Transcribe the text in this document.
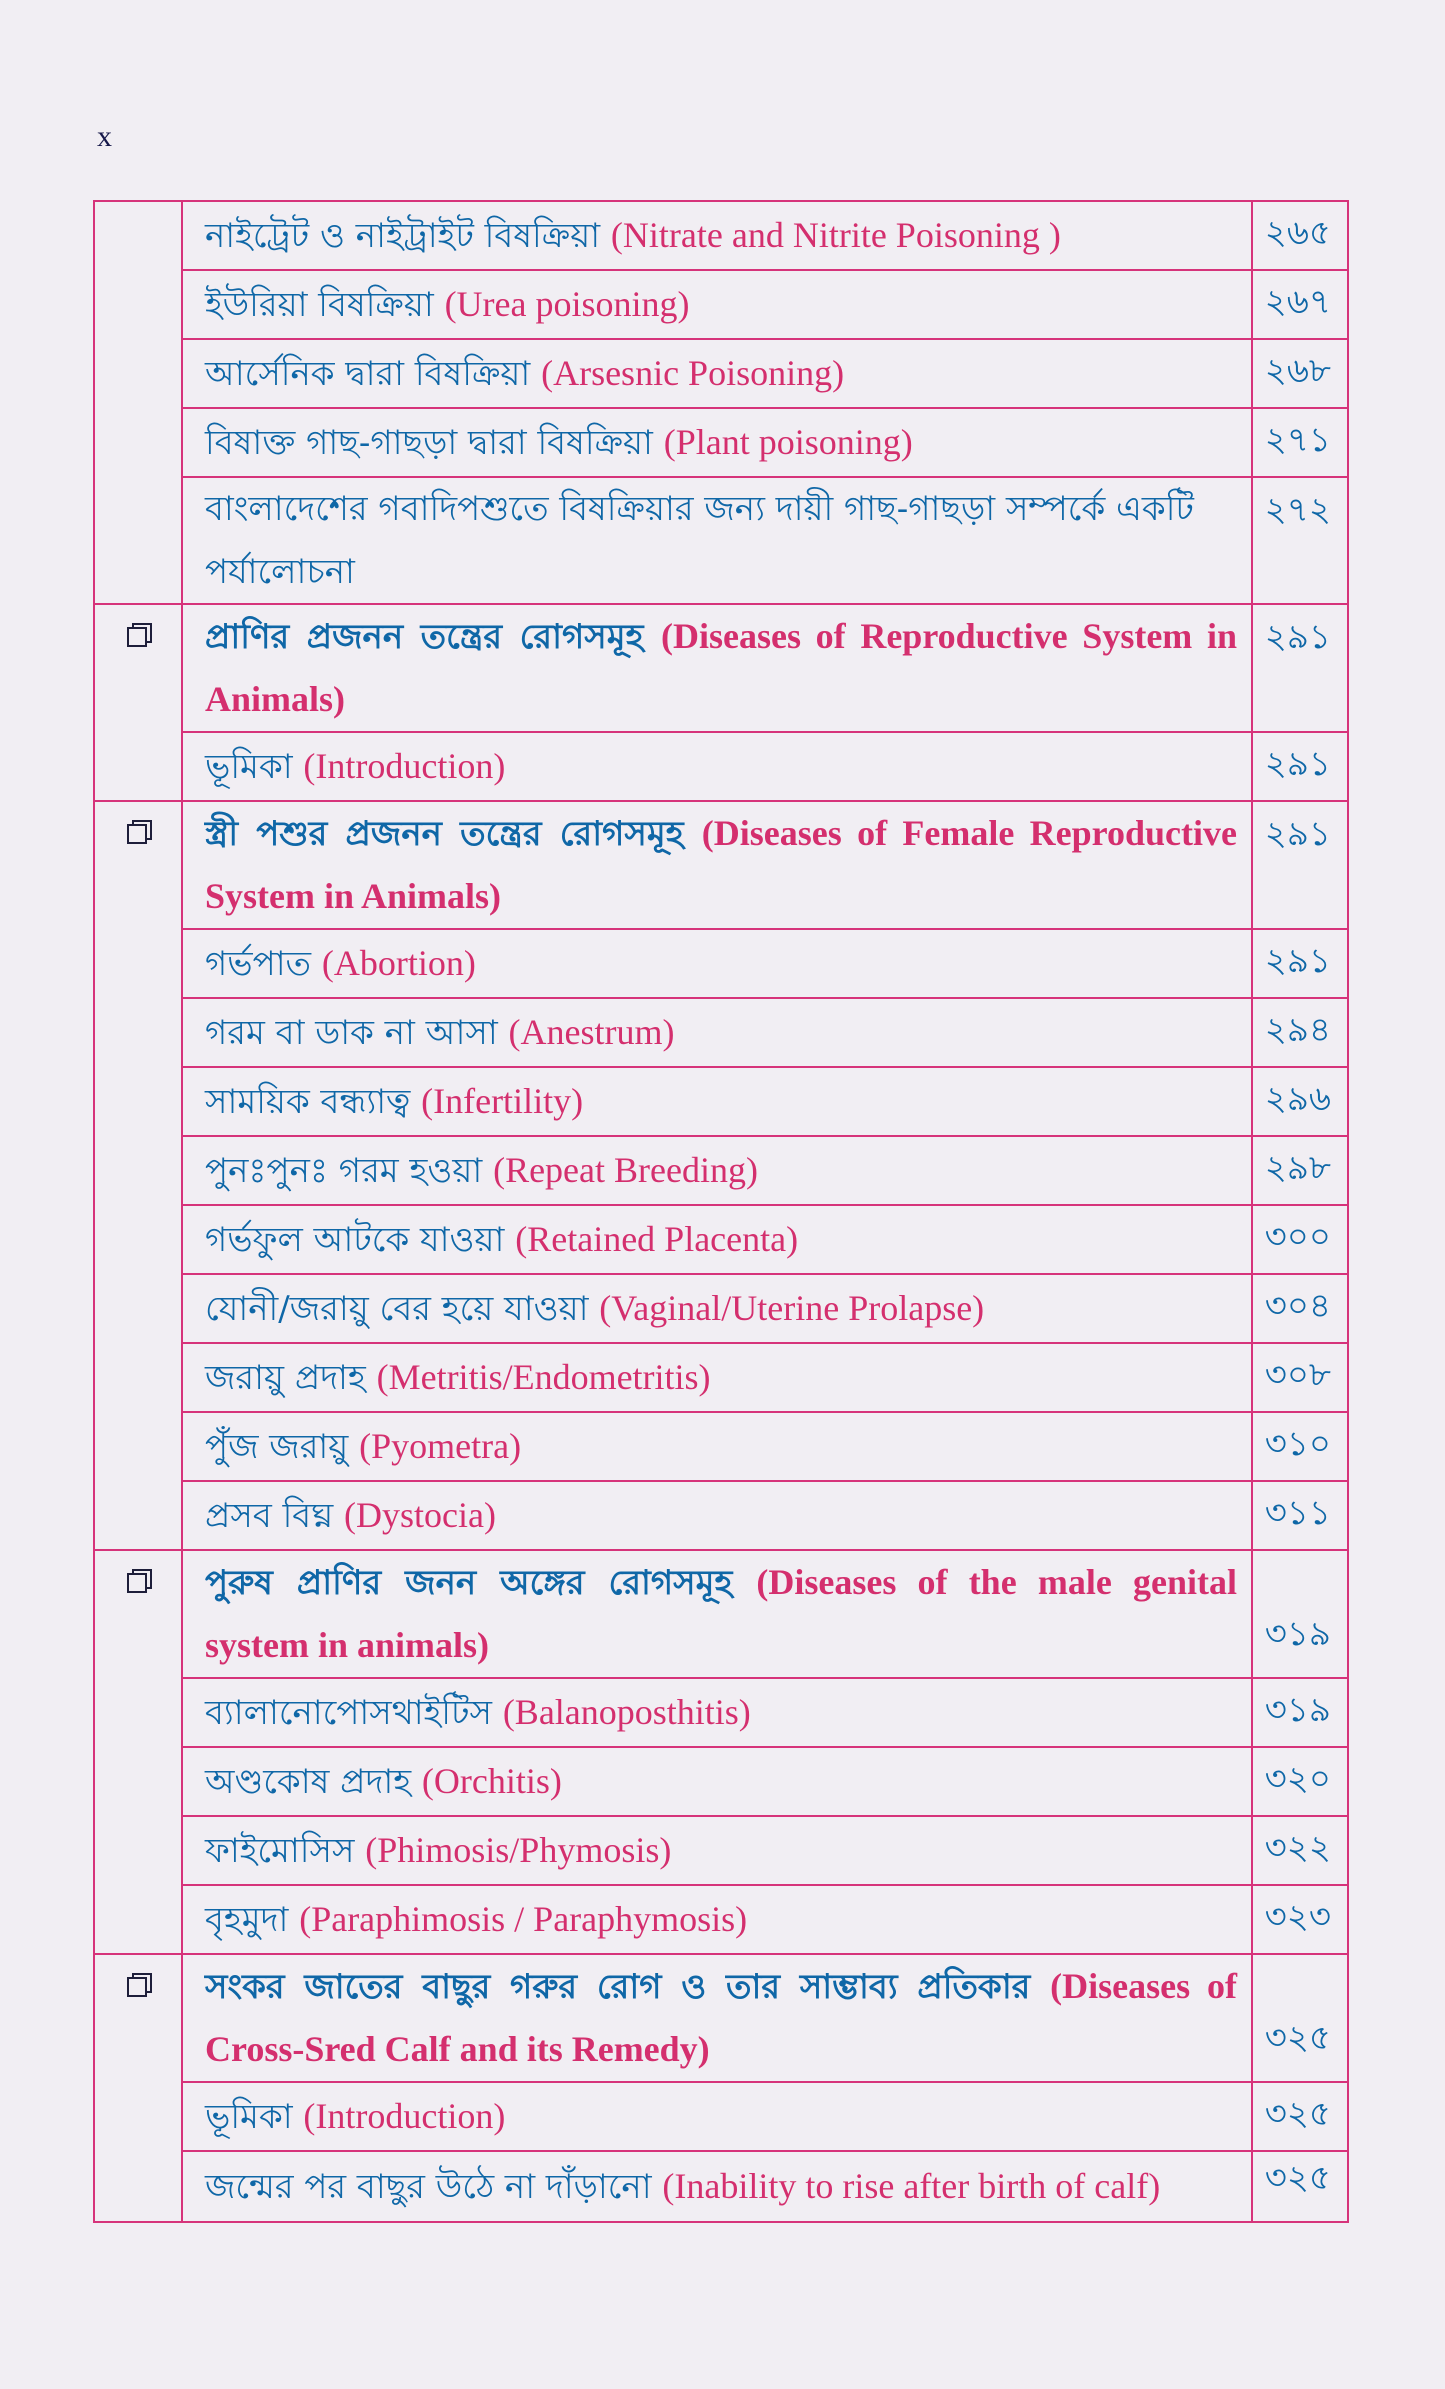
x
	নাইট্রেট ও নাইট্রাইট বিষক্রিয়া (Nitrate and Nitrite Poisoning )	২৬৫
	ইউরিয়া বিষক্রিয়া (Urea poisoning)	২৬৭
	আর্সেনিক দ্বারা বিষক্রিয়া (Arsesnic Poisoning)	২৬৮
	বিষাক্ত গাছ-গাছড়া দ্বারা বিষক্রিয়া (Plant poisoning)	২৭১
	বাংলাদেশের গবাদিপশুতে বিষক্রিয়ার জন্য দায়ী গাছ-গাছড়া সম্পর্কে একটি পর্যালোচনা	২৭২
	প্রাণির প্রজনন তন্ত্রের রোগসমূহ (Diseases of Reproductive System in Animals)	২৯১
	ভূমিকা (Introduction)	২৯১
	স্ত্রী পশুর প্রজনন তন্ত্রের রোগসমূহ (Diseases of Female Reproductive System in Animals)	২৯১
	গর্ভপাত (Abortion)	২৯১
	গরম বা ডাক না আসা (Anestrum)	২৯৪
	সাময়িক বন্ধ্যাত্ব (Infertility)	২৯৬
	পুনঃপুনঃ গরম হওয়া (Repeat Breeding)	২৯৮
	গর্ভফুল আটকে যাওয়া (Retained Placenta)	৩০০
	যোনী/জরায়ু বের হয়ে যাওয়া (Vaginal/Uterine Prolapse)	৩০৪
	জরায়ু প্রদাহ (Metritis/Endometritis)	৩০৮
	পুঁজ জরায়ু (Pyometra)	৩১০
	প্রসব বিঘ্ন (Dystocia)	৩১১
	পুরুষ প্রাণির জনন অঙ্গের রোগসমূহ (Diseases of the male genital system in animals)	৩১৯
	ব্যালানোপোসথাইটিস (Balanoposthitis)	৩১৯
	অণ্ডকোষ প্রদাহ (Orchitis)	৩২০
	ফাইমোসিস (Phimosis/Phymosis)	৩২২
	বৃহমুদা (Paraphimosis / Paraphymosis)	৩২৩
	সংকর জাতের বাছুর গরুর রোগ ও তার সাম্ভাব্য প্রতিকার (Diseases of Cross-Sred Calf and its Remedy)	৩২৫
	ভূমিকা (Introduction)	৩২৫
	জন্মের পর বাছুর উঠে না দাঁড়ানো (Inability to rise after birth of calf)	৩২৫
